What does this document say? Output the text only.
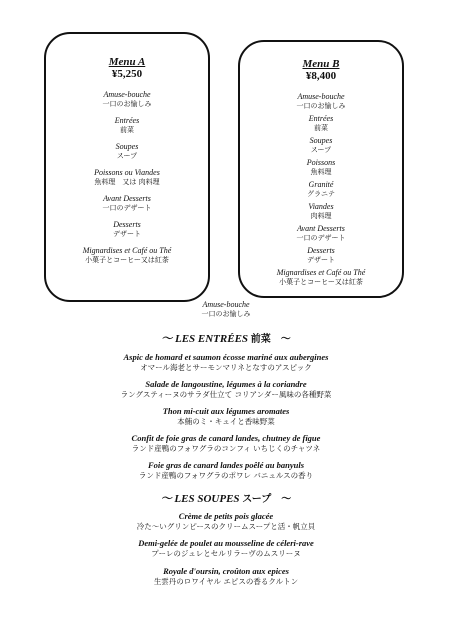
Menu A
¥5,250
Amuse-bouche
一口のお愉しみ
Entrées
前菜
Soupes
スープ
Poissons ou Viandes
魚料理　又は 肉料理
Avant Desserts
一口のデザート
Desserts
デザート
Mignardises et Café ou Thé
小菓子とコーヒー又は紅茶
Menu B
¥8,400
Amuse-bouche
一口のお愉しみ
Entrées
前菜
Soupes
スープ
Poissons
魚料理
Granité
グラニテ
Viandes
肉料理
Avant Desserts
一口のデザート
Desserts
デザート
Mignardises et Café ou Thé
小菓子とコーヒー又は紅茶
Amuse-bouche
一口のお愉しみ
～ LES ENTRÉES 前菜　～
Aspic de homard et saumon écosse mariné aux aubergines
オマール海老とサーモンマリネとなすのアスピック
Salade de langoustine, légumes à la coriandre
ラングスティーヌのサラダ仕立て コリアンダー風味の各種野菜
Thon mi-cuit aux légumes aromates
本鮪のミ・キュイと香味野菜
Confit de foie gras de canard landes, chutney de figue
ランド産鴨のフォワグラのコンフィ いちじくのチャツネ
Foie gras de canard landes poêlé au banyuls
ランド産鴨のフォワグラのポワレ バニュルスの香り
～ LES SOUPES スープ　～
Crème de petits pois glacée
冷た～いグリンピースのクリームスープと活・帆立貝
Demi-gelée de poulet au mousseline de céleri-rave
プーレのジュレとセルリラーヴのムスリーヌ
Royale d'oursin, croûton aux epices
生雲丹のロワイヤル エピスの香るクルトン
